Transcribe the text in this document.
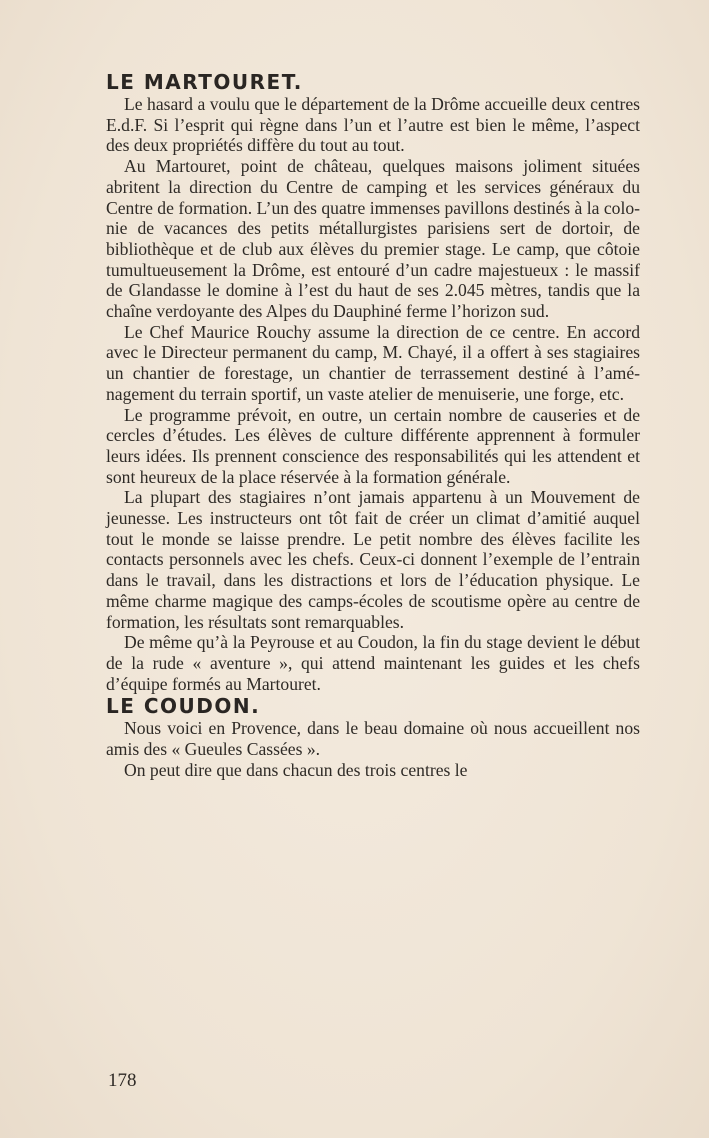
LE MARTOURET.

Le hasard a voulu que le département de la Drôme accueille deux centres E.d.F. Si l’esprit qui règne dans l’un et l’autre est bien le même, l’aspect des deux propriétés diffère du tout au tout.

Au Martouret, point de château, quelques maisons joliment situées abritent la direction du Centre de camping et les services généraux du Centre de formation. L’un des quatre immenses pavillons destinés à la colonie de vacances des petits métallurgistes parisiens sert de dortoir, de bibliothèque et de club aux élèves du premier stage. Le camp, que côtoie tumultueusement la Drôme, est entouré d’un cadre majestueux : le massif de Glandasse le domine à l’est du haut de ses 2.045 mètres, tandis que la chaîne verdoyante des Alpes du Dauphiné ferme l’horizon sud.

Le Chef Maurice Rouchy assume la direction de ce centre. En accord avec le Directeur permanent du camp, M. Chayé, il a offert à ses stagiaires un chantier de forestage, un chantier de terrassement destiné à l’aménagement du terrain sportif, un vaste atelier de menuiserie, une forge, etc.

Le programme prévoit, en outre, un certain nombre de causeries et de cercles d’études. Les élèves de culture différente apprennent à formuler leurs idées. Ils prennent conscience des responsabilités qui les attendent et sont heureux de la place réservée à la formation générale.

La plupart des stagiaires n’ont jamais appartenu à un Mouvement de jeunesse. Les instructeurs ont tôt fait de créer un climat d’amitié auquel tout le monde se laisse prendre. Le petit nombre des élèves facilite les contacts personnels avec les chefs. Ceux-ci donnent l’exemple de l’entrain dans le travail, dans les distractions et lors de l’éducation physique. Le même charme magique des camps-écoles de scoutisme opère au centre de formation, les résultats sont remarquables.

De même qu’à la Peyrouse et au Coudon, la fin du stage devient le début de la rude « aventure », qui attend maintenant les guides et les chefs d’équipe formés au Martouret.

LE COUDON.

Nous voici en Provence, dans le beau domaine où nous accueillent nos amis des « Gueules Cassées ».

On peut dire que dans chacun des trois centres le

178
